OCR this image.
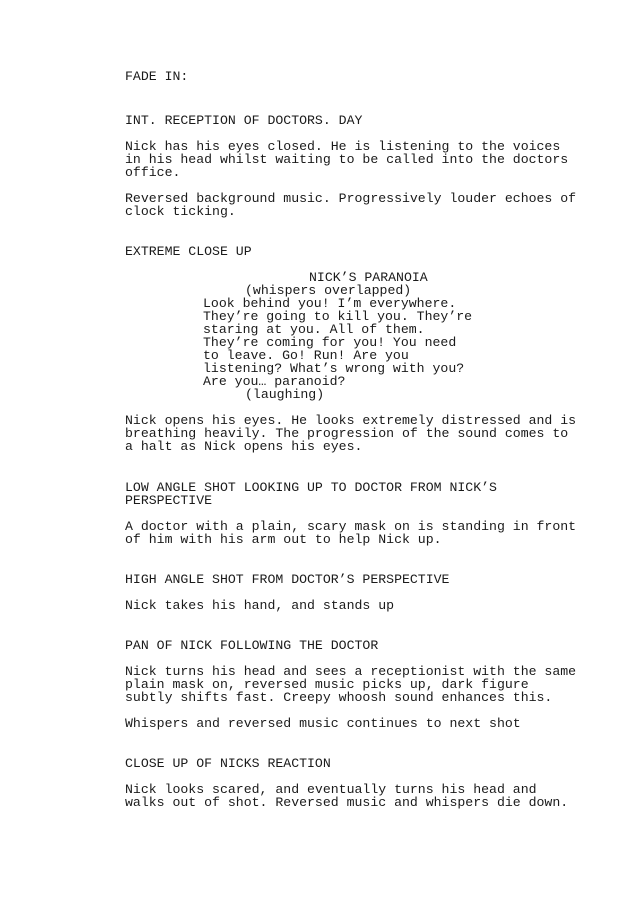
FADE IN:
INT. RECEPTION OF DOCTORS. DAY
Nick has his eyes closed. He is listening to the voices
in his head whilst waiting to be called into the doctors
office.
Reversed background music. Progressively louder echoes of
clock ticking.
EXTREME CLOSE UP
NICK’S PARANOIA
(whispers overlapped)
Look behind you! I’m everywhere.
They’re going to kill you. They’re
staring at you. All of them.
They’re coming for you! You need
to leave. Go! Run! Are you
listening? What’s wrong with you?
Are you… paranoid?
(laughing)
Nick opens his eyes. He looks extremely distressed and is
breathing heavily. The progression of the sound comes to
a halt as Nick opens his eyes.
LOW ANGLE SHOT LOOKING UP TO DOCTOR FROM NICK’S
PERSPECTIVE
A doctor with a plain, scary mask on is standing in front
of him with his arm out to help Nick up.
HIGH ANGLE SHOT FROM DOCTOR’S PERSPECTIVE
Nick takes his hand, and stands up
PAN OF NICK FOLLOWING THE DOCTOR
Nick turns his head and sees a receptionist with the same
plain mask on, reversed music picks up, dark figure
subtly shifts fast. Creepy whoosh sound enhances this.
Whispers and reversed music continues to next shot
CLOSE UP OF NICKS REACTION
Nick looks scared, and eventually turns his head and
walks out of shot. Reversed music and whispers die down.
